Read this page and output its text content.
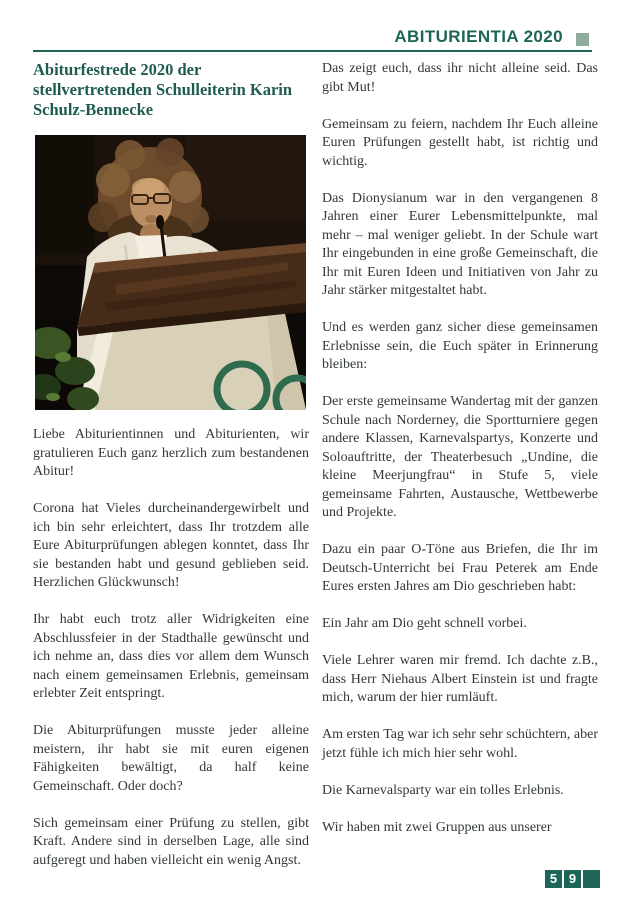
ABITURIENTIA 2020
Abiturfestrede 2020 der stellvertretenden Schulleiterin Karin Schulz-Bennecke

Liebe Abiturientinnen und Abiturienten, wir gratulieren Euch ganz herzlich zum bestandenen Abitur!

Corona hat Vieles durcheinandergewirbelt und ich bin sehr erleichtert, dass Ihr trotzdem alle Eure Abiturprüfungen ablegen konntet, dass Ihr sie bestanden habt und gesund geblieben seid. Herzlichen Glückwunsch!

Ihr habt euch trotz aller Widrigkeiten eine Abschlussfeier in der Stadthalle gewünscht und ich nehme an, dass dies vor allem dem Wunsch nach einem gemeinsamen Erlebnis, gemeinsam erlebter Zeit entspringt.

Die Abiturprüfungen musste jeder alleine meistern, ihr habt sie mit euren eigenen Fähigkeiten bewältigt, da half keine Gemeinschaft. Oder doch?

Sich gemeinsam einer Prüfung zu stellen, gibt Kraft. Andere sind in derselben Lage, alle sind aufgeregt und haben vielleicht ein wenig Angst.

Das zeigt euch, dass ihr nicht alleine seid. Das gibt Mut!

Gemeinsam zu feiern, nachdem Ihr Euch alleine Euren Prüfungen gestellt habt, ist richtig und wichtig.

Das Dionysianum war in den vergangenen 8 Jahren einer Eurer Lebensmittelpunkte, mal mehr – mal weniger geliebt. In der Schule wart Ihr eingebunden in eine große Gemeinschaft, die Ihr mit Euren Ideen und Initiativen von Jahr zu Jahr stärker mitgestaltet habt.

Und es werden ganz sicher diese gemeinsamen Erlebnisse sein, die Euch später in Erinnerung bleiben:

Der erste gemeinsame Wandertag mit der ganzen Schule nach Norderney, die Sportturniere gegen andere Klassen, Karnevalspartys, Konzerte und Soloauftritte, der Theaterbesuch „Undine, die kleine Meerjungfrau“ in Stufe 5, viele gemeinsame Fahrten, Austausche, Wettbewerbe und Projekte.

Dazu ein paar O-Töne aus Briefen, die Ihr im Deutsch-Unterricht bei Frau Peterek am Ende Eures ersten Jahres am Dio geschrieben habt:

Ein Jahr am Dio geht schnell vorbei.

Viele Lehrer waren mir fremd. Ich dachte z.B., dass Herr Niehaus Albert Einstein ist und fragte mich, warum der hier rumläuft.

Am ersten Tag war ich sehr sehr schüchtern, aber jetzt fühle ich mich hier sehr wohl.

Die Karnevalsparty war ein tolles Erlebnis.

Wir haben mit zwei Gruppen aus unserer

5 9
